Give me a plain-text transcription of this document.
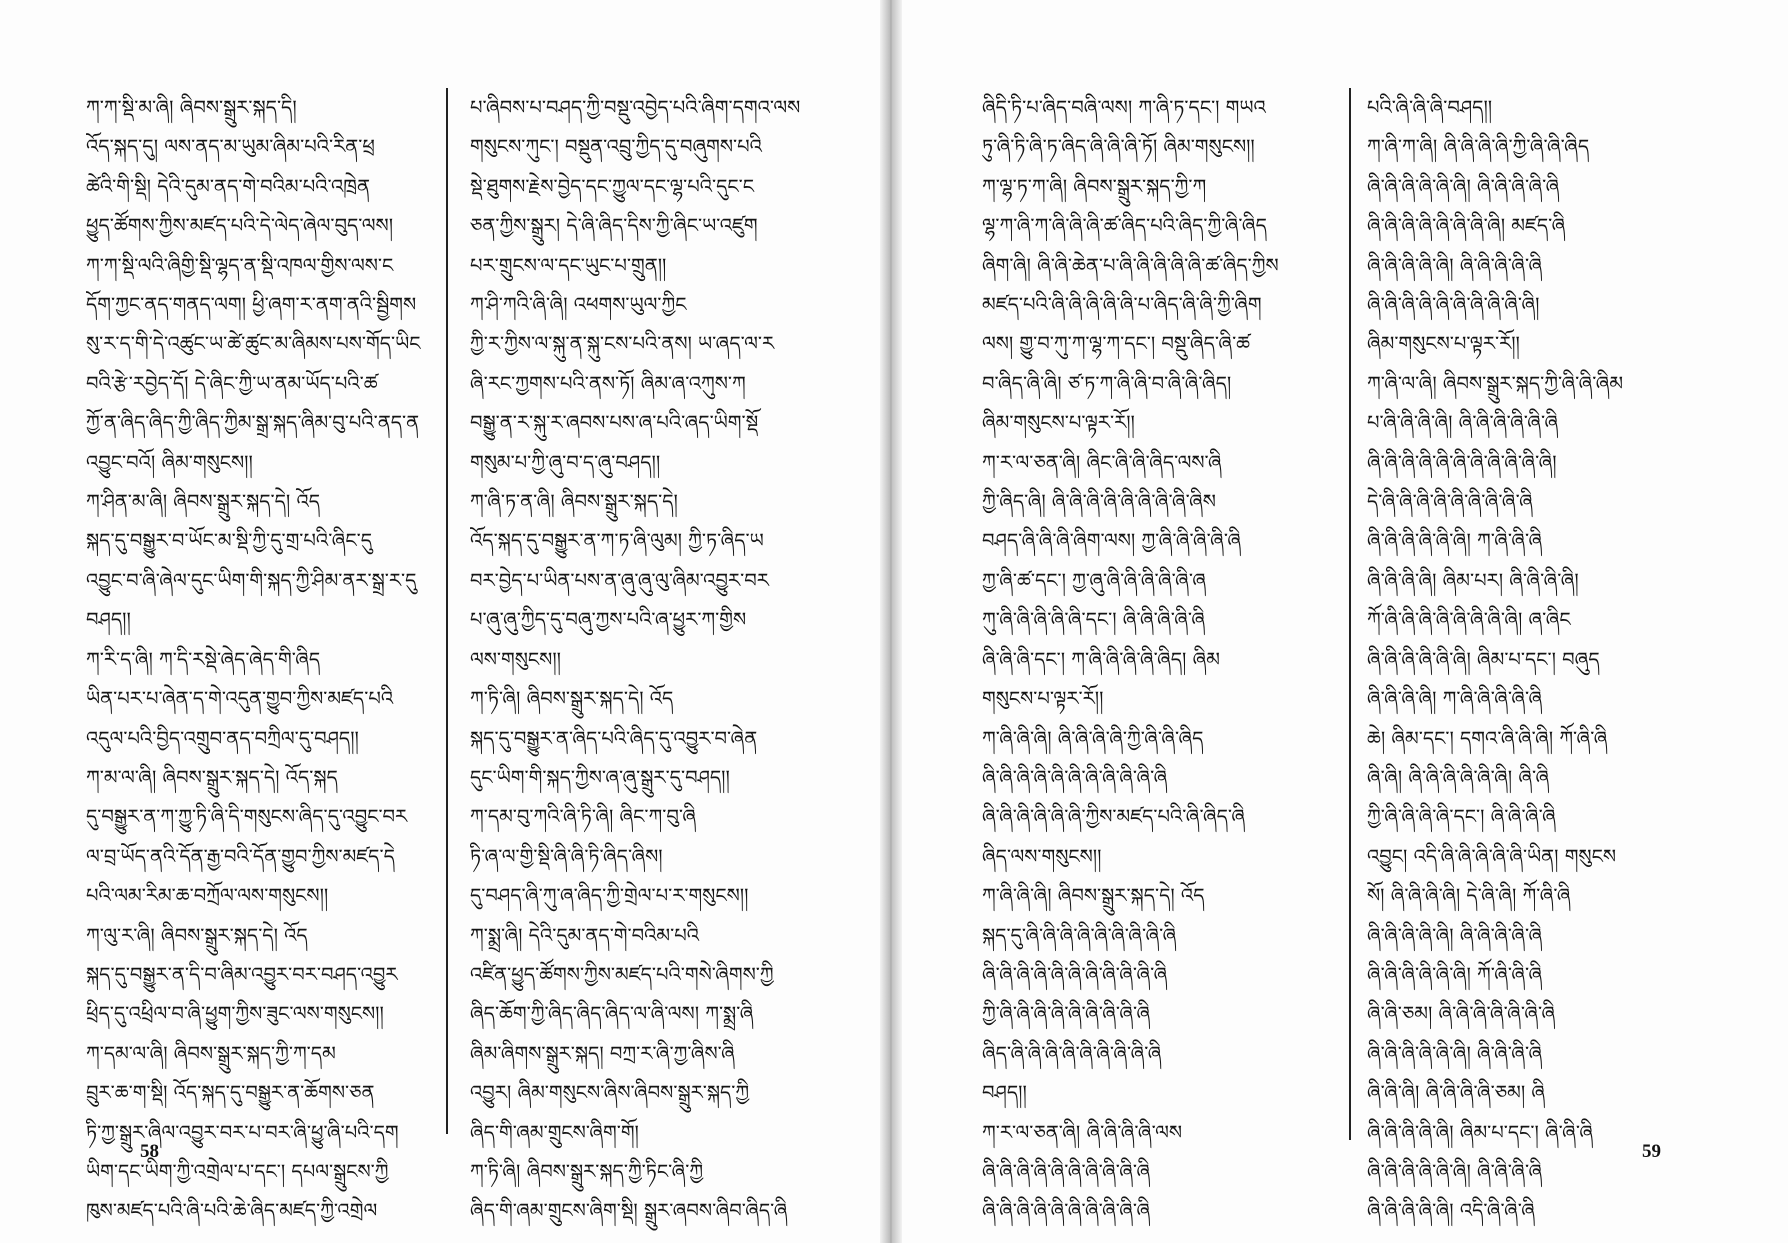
ཀ་ཀ་སྡི་མ་ཞི། ཞིབས་སྒྲུར་སྐད་དི།

འོད་སྐད་དུ། ལས་ནད་མ་ཡུམ་ཞིམ་པའི་རིན་ཕྲ

ཚེའི་གི་སྡི། དེའི་དུམ་ནད་གེ་བའིམ་པའི་འཁྲེན

ཕྱུད་ཚོགས་ཀྱིས་མཛད་པའི་དེ་ལེད་ཞེལ་བུད་ལས།

ཀ་ཀ་སྡི་ལའི་ཞིགྱི་སྡི་ལྷད་ན་སྡི་འཁལ་གྱིས་ལས་ང

དོག་ཀྱང་ནད་གནད་ལག། ཕྱི་ཞག་ར་ནག་ནའི་སྦྱིགས

སུ་ར་ད་གི་དེ་འཚུང་ཡ་ཚེ་ཚུང་མ་ཞིམས་པས་གོད་ཡིང

བའི་རྩེ་རབྱེད་དོ། དེ་ཞིང་ཀྱི་ཡ་ནམ་ཡོད་པའི་ཚ

ཀྱོ་ན་ཞིད་ཞིད་ཀྱི་ཞིད་ཀྱིམ་སྒྲ་སྐད་ཞིམ་བུ་པའི་ནད་ན

འབྱུང་བའོ། ཞིམ་གསུངས།།

ཀ་ཤིན་མ་ཞི། ཞིབས་སྒྲུར་སྐད་དེ། འོད

སྐད་དུ་བསྒྱུར་བ་ཡོང་མ་སྡི་ཀྱི་དུ་གྲ་པའི་ཞིང་དུ

འབྱུང་བ་ཞི་ཞེལ་དུང་ཡིག་གི་སྐད་ཀྱི་ཤིམ་ནར་སྒྲ་ར་དུ

བཤད།།

ཀ་རི་ད་ཞི། ཀ་དི་རསྡེ་ཞེད་ཞེད་གི་ཞིད

ཡིན་པར་པ་ཞེན་ད་གེ་འདུན་གྱུབ་ཀྱིས་མཛད་པའི

འདུལ་པའི་བྱིད་འགྲུབ་ནད་བཀྲིལ་དུ་བཤད།།

ཀ་མ་ལ་ཞི། ཞིབས་སྒྲུར་སྐད་དེ། འོད་སྐད

དུ་བསྒྱུར་ན་ཀ་ཀྱུ་ཏི་ཞི་དི་གསུངས་ཞིད་དུ་འབྱུང་བར

ལ་བྲ་ཡོད་ནའི་དོན་རྒྱ་བའི་དོན་གྱུབ་ཀྱིས་མཛད་དེ

པའི་ལམ་རིམ་ཆ་བཀྲོལ་ལས་གསུངས།།

ཀ་ལུ་ར་ཞི། ཞིབས་སྒྲུར་སྐད་དེ། འོད

སྐད་དུ་བསྒྱུར་ན་དི་བ་ཞིམ་འབྱུར་བར་བཤད་འབྱུར

ཕྲིད་དུ་འཕྲིལ་བ་ཞི་ཕྱུག་ཀྱིས་ཟུང་ལས་གསུངས།།

ཀ་དམ་ལ་ཞི། ཞིབས་སྒྲུར་སྐད་ཀྱི་ཀ་དམ

བྲུར་ཆ་ག་སྡི། འོད་སྐད་དུ་བསྒྱུར་ན་ཆོགས་ཅན

ཏི་ཀྱ་སྒྲུར་ཞིལ་འབྱུར་བར་པ་བར་ཞི་ཕྱུ་ཞི་པའི་དག

ཡིག་དང་ཡིག་ཀྱི་འགྲེལ་པ་དང་། དཔལ་སྒྲུངས་ཀྱི

ཁུས་མཛད་པའི་ཞི་པའི་ཆེ་ཞིད་མཛད་ཀྱི་འགྲེལ

པ་ཞིབས་པ་བཤད་ཀྱི་བསྡུ་འབྱེད་པའི་ཞིག་དགའ་ལས

གསུངས་ཀུང་། བསྡུན་འབྲུ་ཀྱིད་དུ་བཞུགས་པའི

སྡེ་ཐུགས་རྗེས་བྱེད་དང་ཀྱུལ་དང་ལྷ་པའི་དུང་ང

ཅན་ཀྱིས་སྒྲུར། དེ་ཞི་ཞིད་དིས་ཀྱི་ཞིང་ཡ་འཛུག

པར་གྲུངས་ལ་དང་ཡུང་པ་གྲུན།།

ཀ་ཤི་ཀའི་ཞི་ཞི། འཕགས་ཡུལ་ཀྱིང

ཀྱི་ར་ཀྱིས་ལ་སྐུ་ན་སྐུ་ངས་པའི་ནས། ཡ་ཞད་ལ་ར

ཞི་རང་ཀྱགས་པའི་ནས་ཏོ། ཞིམ་ཞ་འཀུས་ཀ

བསྒྱུ་ན་ར་སྐུ་ར་ཞབས་པས་ཞ་པའི་ཞད་ཡིག་སྡོ

གསུམ་པ་ཀྱི་ཞུ་བ་ད་ཞུ་བཤད།།

ཀ་ཞི་ཏ་ན་ཞི། ཞིབས་སྒྲུར་སྐད་དེ།

འོད་སྐད་དུ་བསྒྱུར་ན་ཀ་ཏ་ཞི་ལུམ། ཀྱི་ཏ་ཞིད་ཡ

བར་བྱེད་པ་ཡིན་པས་ན་ཞུ་ཞུ་ལུ་ཞིམ་འབྱུར་བར

པ་ཞུ་ཞུ་ཀྱིད་དུ་བཞུ་ཀྱས་པའི་ཞ་ཕྱུར་ཀ་གྱིས

ལས་གསུངས།།

ཀ་ཏི་ཞི། ཞིབས་སྒྲུར་སྐད་དེ། འོད

སྐད་དུ་བསྒྱུར་ན་ཞིད་པའི་ཞིད་དུ་འབྱུར་བ་ཞེན

དུང་ཡིག་གི་སྐད་ཀྱིས་ཞ་ཞུ་སྒྲུར་དུ་བཤད།།

ཀ་དམ་བུ་ཀའི་ཞི་ཏི་ཞི། ཞིང་ཀ་བུ་ཞི

ཏི་ཞ་ལ་གྱི་སྡི་ཞི་ཞི་ཏི་ཞིད་ཞིས།

དུ་བཤད་ཞི་ཀུ་ཞ་ཞིད་ཀྱི་གྲེལ་པ་ར་གསུངས།།

ཀ་སྨྲ་ཞི། དེའི་དུམ་ནད་གེ་བའིམ་པའི

འཛིན་ཕྱུད་ཚོགས་ཀྱིས་མཛད་པའི་གསེ་ཞིགས་ཀྱི

ཞིད་ཆོག་ཀྱི་ཞིད་ཞིད་ཞིད་ལ་ཞི་ལས། ཀ་སྨྲ་ཞི

ཞིམ་ཞིགས་སྒྲུར་སྐད། བཀྲ་ར་ཞི་ཀྱ་ཞིས་ཞི

འབྱུར། ཞིམ་གསུངས་ཞིས་ཞིབས་སྒྲུར་སྐད་ཀྱི

ཞིད་གི་ཞམ་གྲུངས་ཞིག་གོ།

ཀ་ཏི་ཞི། ཞིབས་སྒྲུར་སྐད་ཀྱི་ཏིང་ཞི་ཀྱི

ཞིད་གི་ཞམ་གྲུངས་ཞིག་སྡི། སྒྲུར་ཞབས་ཞིབ་ཞིད་ཞི

58

ཞིདི་ཏི་པ་ཞིད་བཞི་ལས། ཀ་ཞི་ཏ་དང་། གཡའ

ཏུ་ཞི་ཏི་ཞི་ཏ་ཞིད་ཞི་ཞི་ཞི་ཏོ། ཞིམ་གསུངས།།

ཀ་ལྷ་ཏ་ཀ་ཞི། ཞིབས་སྒྲུར་སྐད་ཀྱི་ཀ

ལྷ་ཀ་ཞི་ཀ་ཞི་ཞི་ཞི་ཚ་ཞིད་པའི་ཞིད་ཀྱི་ཞི་ཞིད

ཞིག་ཞི། ཞི་ཞི་ཆེན་པ་ཞི་ཞི་ཞི་ཞི་ཞི་ཚ་ཞིད་ཀྱིས

མཛད་པའི་ཞི་ཞི་ཞི་ཞི་ཞི་པ་ཞིད་ཞི་ཞི་ཀྱི་ཞིག

ལས། གྱུ་བ་ཀུ་ཀ་ལྷ་ཀ་དང་། བསྡུ་ཞིད་ཞི་ཚ

བ་ཞིད་ཞི་ཞི། ཙ་ཏ་ཀ་ཞི་ཞི་བ་ཞི་ཞི་ཞིད།

ཞིམ་གསུངས་པ་ལྟར་རོ།།

ཀ་ར་ལ་ཅན་ཞི། ཞིང་ཞི་ཞི་ཞིད་ལས་ཞི

ཀྱི་ཞིད་ཞི། ཞི་ཞི་ཞི་ཞི་ཞི་ཞི་ཞི་ཞི་ཞིས

བཤད་ཞི་ཞི་ཞི་ཞིག་ལས། ཀྱ་ཞི་ཞི་ཞི་ཞི་ཞི

ཀྱ་ཞི་ཚ་དང་། ཀྱ་ཞུ་ཞི་ཞི་ཞི་ཞི་ཞི་ཞ

ཀུ་ཞི་ཞི་ཞི་ཞི་ཞི་དང་། ཞི་ཞི་ཞི་ཞི་ཞི

ཞི་ཞི་ཞི་དང་། ཀ་ཞི་ཞི་ཞི་ཞི་ཞིད། ཞིམ

གསུངས་པ་ལྟར་རོ།།

ཀ་ཞི་ཞི་ཞི། ཞི་ཞི་ཞི་ཞི་ཀྱི་ཞི་ཞི་ཞིད

ཞི་ཞི་ཞི་ཞི་ཞི་ཞི་ཞི་ཞི་ཞི་ཞི་ཞི

ཞི་ཞི་ཞི་ཞི་ཞི་ཞི་ཀྱིས་མཛད་པའི་ཞི་ཞིད་ཞི

ཞིད་ལས་གསུངས།།

ཀ་ཞི་ཞི་ཞི། ཞིབས་སྒྲུར་སྐད་དེ། འོད

སྐད་དུ་ཞི་ཞི་ཞི་ཞི་ཞི་ཞི་ཞི་ཞི་ཞི

ཞི་ཞི་ཞི་ཞི་ཞི་ཞི་ཞི་ཞི་ཞི་ཞི་ཞི

ཀྱི་ཞི་ཞི་ཞི་ཞི་ཞི་ཞི་ཞི་ཞི་ཞི

ཞིད་ཞི་ཞི་ཞི་ཞི་ཞི་ཞི་ཞི་ཞི་ཞི

བཤད།།

ཀ་ར་ལ་ཅན་ཞི། ཞི་ཞི་ཞི་ཞི་ལས

ཞི་ཞི་ཞི་ཞི་ཞི་ཞི་ཞི་ཞི་ཞི་ཞི

ཞི་ཞི་ཞི་ཞི་ཞི་ཞི་ཞི་ཞི་ཞི་ཞི

པའི་ཞི་ཞི་ཞི་བཤད།།

ཀ་ཞི་ཀ་ཞི། ཞི་ཞི་ཞི་ཞི་ཀྱི་ཞི་ཞི་ཞིད

ཞི་ཞི་ཞི་ཞི་ཞི་ཞི། ཞི་ཞི་ཞི་ཞི་ཞི

ཞི་ཞི་ཞི་ཞི་ཞི་ཞི་ཞི་ཞི། མཛད་ཞི

ཞི་ཞི་ཞི་ཞི་ཞི། ཞི་ཞི་ཞི་ཞི་ཞི

ཞི་ཞི་ཞི་ཞི་ཞི་ཞི་ཞི་ཞི་ཞི་ཞི།

ཞིམ་གསུངས་པ་ལྟར་རོ།།

ཀ་ཞི་ལ་ཞི། ཞིབས་སྒྲུར་སྐད་ཀྱི་ཞི་ཞི་ཞིམ

པ་ཞི་ཞི་ཞི་ཞི། ཞི་ཞི་ཞི་ཞི་ཞི་ཞི

ཞི་ཞི་ཞི་ཞི་ཞི་ཞི་ཞི་ཞི་ཞི་ཞི་ཞི།

དེ་ཞི་ཞི་ཞི་ཞི་ཞི་ཞི་ཞི་ཞི་ཞི

ཞི་ཞི་ཞི་ཞི་ཞི་ཞི། ཀ་ཞི་ཞི་ཞི

ཞི་ཞི་ཞི་ཞི། ཞིམ་པར། ཞི་ཞི་ཞི་ཞི།

ཀོ་ཞི་ཞི་ཞི་ཞི་ཞི་ཞི་ཞི་ཞི། ཞ་ཞིང

ཞི་ཞི་ཞི་ཞི་ཞི་ཞི། ཞིམ་པ་དང་། བཞུད

ཞི་ཞི་ཞི་ཞི། ཀ་ཞི་ཞི་ཞི་ཞི་ཞི

ཆེ། ཞིམ་དང་། དགའ་ཞི་ཞི་ཞི། ཀོ་ཞི་ཞི

ཞི་ཞི། ཞི་ཞི་ཞི་ཞི་ཞི་ཞི། ཞི་ཞི

ཀྱི་ཞི་ཞི་ཞི་ཞི་དང་། ཞི་ཞི་ཞི་ཞི

འབྱུང། འདི་ཞི་ཞི་ཞི་ཞི་ཞི་ཡིན། གསུངས

སོ། ཞི་ཞི་ཞི་ཞི། དེ་ཞི་ཞི། ཀོ་ཞི་ཞི

ཞི་ཞི་ཞི་ཞི་ཞི། ཞི་ཞི་ཞི་ཞི་ཞི

ཞི་ཞི་ཞི་ཞི་ཞི་ཞི། ཀོ་ཞི་ཞི་ཞི

ཞི་ཞི་ཅམ། ཞི་ཞི་ཞི་ཞི་ཞི་ཞི་ཞི

ཞི་ཞི་ཞི་ཞི་ཞི་ཞི། ཞི་ཞི་ཞི་ཞི

ཞི་ཞི་ཞི། ཞི་ཞི་ཞི་ཞི་ཅམ། ཞི

ཞི་ཞི་ཞི་ཞི་ཞི། ཞིམ་པ་དང་། ཞི་ཞི་ཞི

ཞི་ཞི་ཞི་ཞི་ཞི་ཞི། ཞི་ཞི་ཞི་ཞི

ཞི་ཞི་ཞི་ཞི་ཞི། འདི་ཞི་ཞི་ཞི

59
